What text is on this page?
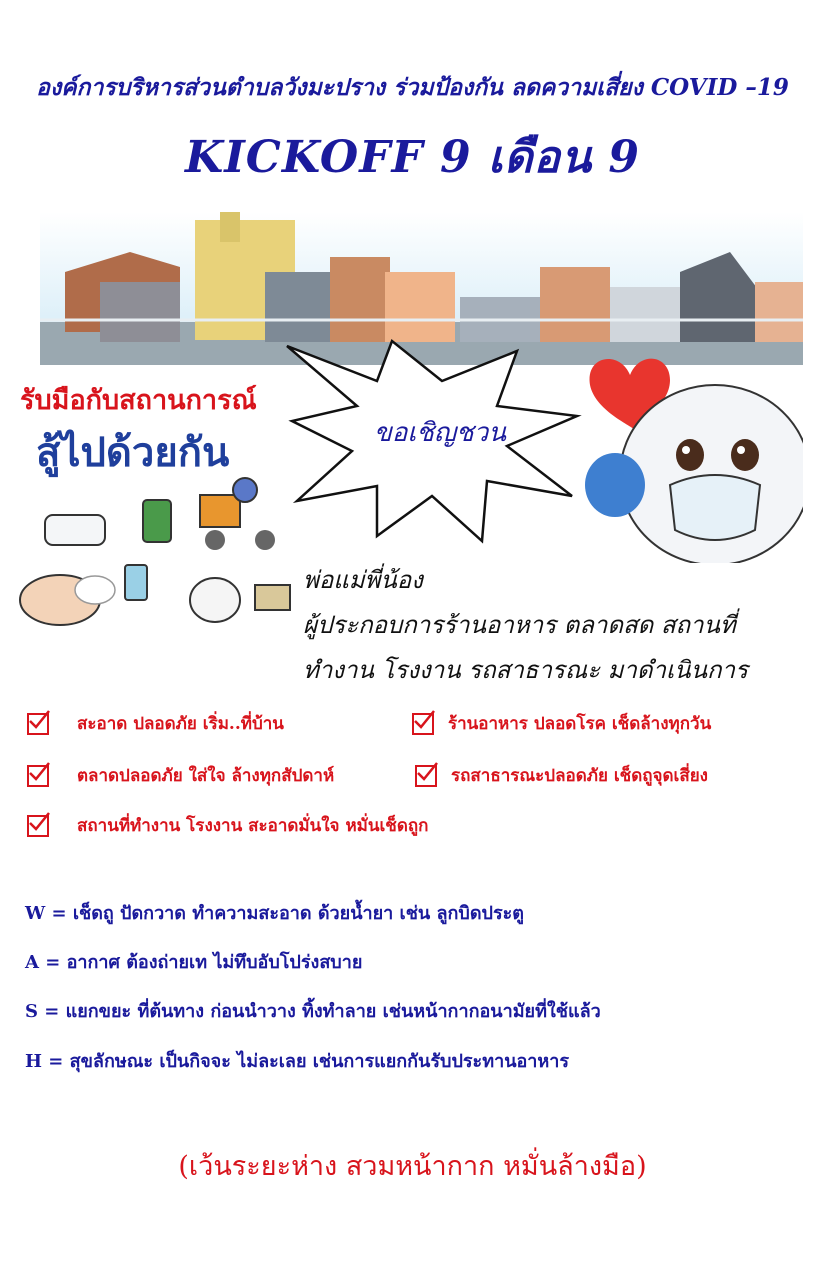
องค์การบริหารส่วนตำบลวังมะปราง ร่วมป้องกัน ลดความเสี่ยง COVID –19
KICKOFF 9 เดือน 9
ขอเชิญชวน
รับมือกับสถานการณ์
สู้ไปด้วยกัน
พ่อแม่พี่น้อง
ผู้ประกอบการร้านอาหาร ตลาดสด สถานที่
ทำงาน โรงงาน รถสาธารณะ มาดำเนินการ
สะอาด ปลอดภัย เริ่ม..ที่บ้าน	ร้านอาหาร ปลอดโรค เช็ดล้างทุกวัน
ตลาดปลอดภัย ใส่ใจ ล้างทุกสัปดาห์	รถสาธารณะปลอดภัย เช็ดถูจุดเสี่ยง
สถานที่ทำงาน โรงงาน สะอาดมั่นใจ หมั่นเช็ดถูก
W = เช็ดถู ปัดกวาด ทำความสะอาด ด้วยน้ำยา เช่น ลูกบิดประตู
A = อากาศ ต้องถ่ายเท ไม่ทึบอับโปร่งสบาย
S = แยกขยะ ที่ต้นทาง ก่อนนำวาง ทิ้งทำลาย เช่นหน้ากากอนามัยที่ใช้แล้ว
H = สุขลักษณะ เป็นกิจจะ ไม่ละเลย เช่นการแยกกันรับประทานอาหาร
(เว้นระยะห่าง สวมหน้ากาก หมั่นล้างมือ)
